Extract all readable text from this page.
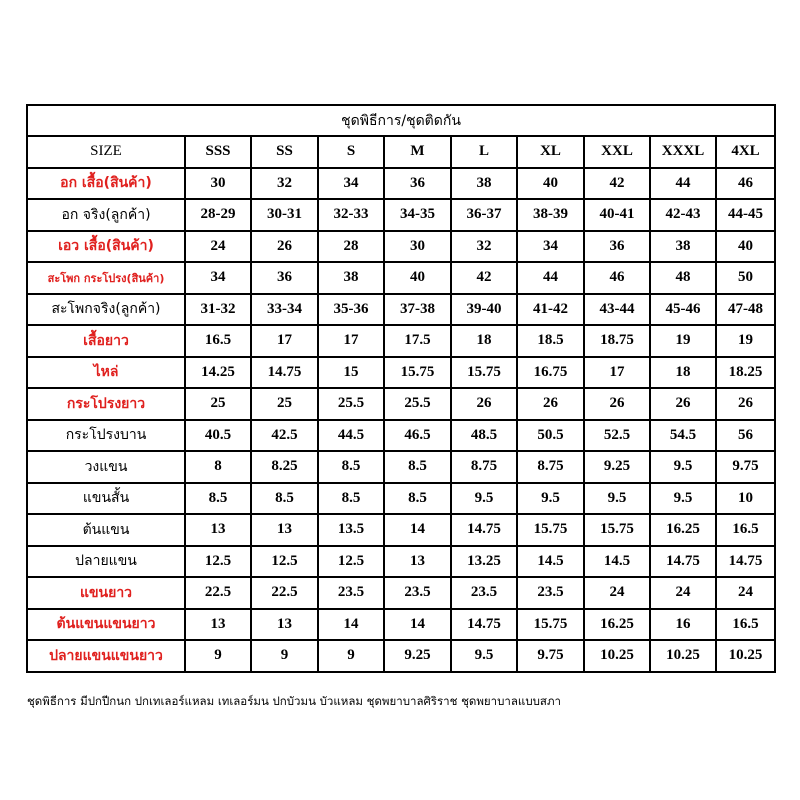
ชุดพิธีการ/ชุดติดกัน									
SIZE	SSS	SS	S	M	L	XL	XXL	XXXL	4XL
อก เสื้อ(สินค้า)	30	32	34	36	38	40	42	44	46
อก จริง(ลูกค้า)	28-29	30-31	32-33	34-35	36-37	38-39	40-41	42-43	44-45
เอว เสื้อ(สินค้า)	24	26	28	30	32	34	36	38	40
สะโพก กระโปรง(สินค้า)	34	36	38	40	42	44	46	48	50
สะโพกจริง(ลูกค้า)	31-32	33-34	35-36	37-38	39-40	41-42	43-44	45-46	47-48
เสื้อยาว	16.5	17	17	17.5	18	18.5	18.75	19	19
ไหล่	14.25	14.75	15	15.75	15.75	16.75	17	18	18.25
กระโปรงยาว	25	25	25.5	25.5	26	26	26	26	26
กระโปรงบาน	40.5	42.5	44.5	46.5	48.5	50.5	52.5	54.5	56
วงแขน	8	8.25	8.5	8.5	8.75	8.75	9.25	9.5	9.75
แขนสั้น	8.5	8.5	8.5	8.5	9.5	9.5	9.5	9.5	10
ต้นแขน	13	13	13.5	14	14.75	15.75	15.75	16.25	16.5
ปลายแขน	12.5	12.5	12.5	13	13.25	14.5	14.5	14.75	14.75
แขนยาว	22.5	22.5	23.5	23.5	23.5	23.5	24	24	24
ต้นแขนแขนยาว	13	13	14	14	14.75	15.75	16.25	16	16.5
ปลายแขนแขนยาว	9	9	9	9.25	9.5	9.75	10.25	10.25	10.25
ชุดพิธีการ มีปกปีกนก ปกเทเลอร์แหลม เทเลอร์มน ปกบัวมน บัวแหลม ชุดพยาบาลศิริราช ชุดพยาบาลแบบสภา
